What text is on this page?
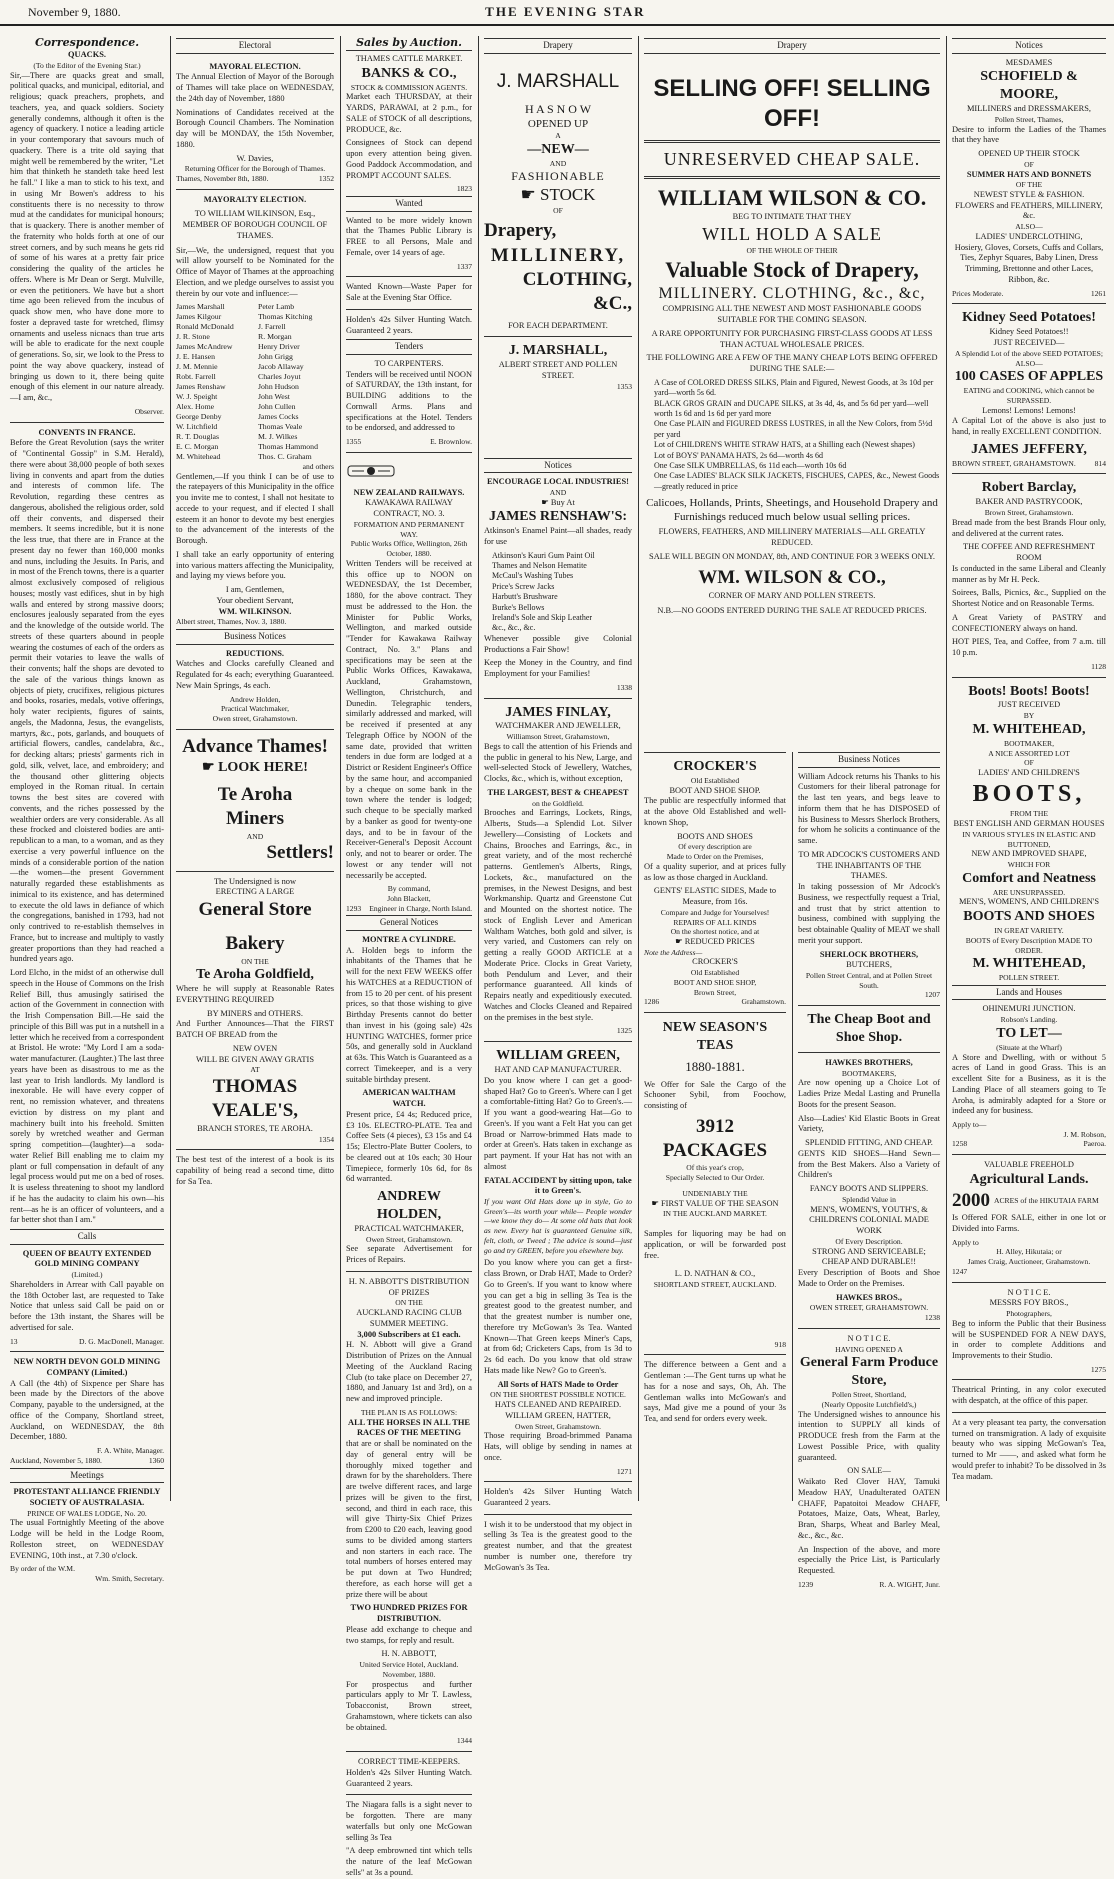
November 9, 1880.	THE EVENING STAR
Correspondence.
QUACKS.
(To the Editor of the Evening Star.)

Sir,—There are quacks great and small, political quacks, and municipal, editorial, and religious; quack preachers, prophets, and teachers, yea, and quack soldiers. Society generally condemns, although it often is the agency of quackery. I notice a leading article in your contemporary that savours much of quackery. There is a trite old saying that might well be remembered by the writer, "Let him that thinketh he standeth take heed lest he fall." I like a man to stick to his text, and in using Mr Bowen's address to his constituents there is no necessity to throw mud at the candidates for municipal honours; that is quackery. There is another member of the fraternity who holds forth at one of our street corners, and by such means he gets rid of some of his wares at a pretty fair price considering the quality of the articles he offers. Where is Mr Dean or Sergt. Mulville, or even the petitioners. We have but a short time ago been relieved from the incubus of quack show men, who have done more to foster a depraved taste for wretched, flimsy ornaments and useless nicnacs than true arts will be able to eradicate for the next couple of generations. So, sir, we look to the Press to point the way above quackery, instead of bringing us down to it, there being quite enough of this element in our nature already.—I am, &c.,

Observer.
CONVENTS IN FRANCE.

Before the Great Revolution (says the writer of "Continental Gossip" in S.M. Herald), there were about 38,000 people of both sexes living in convents and apart from the duties and interests of common life. The Revolution, regarding these centres as dangerous, abolished the religious order, sold off their convents, and dispersed their members. It seems incredible, but it is none the less true, that there are in France at the present day no fewer than 160,000 monks and nuns, including the Jesuits. In Paris, and in most of the French towns, there is a quarter almost exclusively composed of religious houses; mostly vast edifices, shut in by high walls and entered by strong massive doors; enclosures jealously separated from the eyes and the knowledge of the outside world. The streets of these quarters abound in people wearing the costumes of each of the orders as permit their votaries to leave the walls of their convents; half the shops are devoted to the sale of the various things known as objects of piety, crucifixes, religious pictures and books, rosaries, medals, votive offerings, holy water recipients, figures of saints, angels, the Madonna, Jesus, the evangelists, martyrs, &c., pots, garlands, and bouquets of artificial flowers, candles, candelabra, &c., for decking altars; priests' garments rich in gold, silk, velvet, lace, and embroidery; and the thousand other glittering objects employed in the Roman ritual. In certain towns the best sites are covered with convents, and the riches possessed by the wealthier orders are very considerable. As all these frocked and cloistered bodies are anti-republican to a man, to a woman, and as they exercise a very powerful influence on the minds of a considerable portion of the nation—the women—the present Government naturally regarded these establishments as inimical to its existence, and has determined to execute the old laws in defiance of which the congregations, banished in 1793, had not only contrived to re-establish themselves in France, but to increase and multiply to vastly greater proportions than they had reached a hundred years ago.

Lord Elcho, in the midst of an otherwise dull speech in the House of Commons on the Irish Relief Bill, thus amusingly satirised the action of the Government in connection with the Irish Compensation Bill.—He said the principle of this Bill was put in a nutshell in a letter which he received from a correspondent at Bristol. He wrote: "My Lord I am a soda-water manufacturer. (Laughter.) The last three years have been as disastrous to me as the last year to Irish landlords. My landlord is inexorable. He will have every copper of rent, no remission whatever, and threatens eviction by distress on my plant and machinery built into his freehold. Smitten sorely by wretched weather and German spring competition—(laughter)—a soda-water Relief Bill enabling me to claim my plant or full compensation in default of any legal process would put me on a bed of roses. It is useless threatening to shoot my landlord if he has the audacity to claim his own—his rent—as he is an officer of volunteers, and a far better shot than I am."

Calls
QUEEN OF BEAUTY EXTENDED GOLD MINING COMPANY
(Limited.)

Shareholders in Arrear with Call payable on the 18th October last, are requested to Take Notice that unless said Call be paid on or before the 13th instant, the Shares will be advertised for sale.

13	D. G. MacDonell, Manager.
NEW NORTH DEVON GOLD MINING COMPANY (Limited.)

A Call (the 4th) of Sixpence per Share has been made by the Directors of the above Company, payable to the undersigned, at the office of the Company, Shortland street, Auckland, on WEDNESDAY, the 8th December, 1880.

F. A. White, Manager.
Auckland, November 5, 1880.	1360
Meetings
PROTESTANT ALLIANCE FRIENDLY SOCIETY OF AUSTRALASIA.
PRINCE OF WALES LODGE, No. 20.

The usual Fortnightly Meeting of the above Lodge will be held in the Lodge Room, Rolleston street, on WEDNESDAY EVENING, 10th inst., at 7.30 o'clock.

By order of the W.M.
Wm. Smith, Secretary.
Electoral
MAYORAL ELECTION.

The Annual Election of Mayor of the Borough of Thames will take place on WEDNESDAY, the 24th day of November, 1880

Nominations of Candidates received at the Borough Council Chambers. The Nomination day will be MONDAY, the 15th November, 1880.

W. Davies,
Returning Officer for the Borough of Thames.
Thames, November 8th, 1880.	1352
MAYORALTY ELECTION.
TO WILLIAM WILKINSON, Esq., MEMBER OF BOROUGH COUNCIL OF THAMES.

Sir,—We, the undersigned, request that you will allow yourself to be Nominated for the Office of Mayor of Thames at the approaching Election, and we pledge ourselves to assist you therein by our vote and influence:—

James Marshall
James Kilgour
Ronald McDonald
J. R. Stone
James McAndrew
J. E. Hansen
J. M. Mennie
Robt. Farrell
James Renshaw
W. J. Speight
Alex. Home
George Denby
W. Litchfield
R. T. Douglas
E. C. Morgan
M. Whitehead
Peter Lamb
Thomas Kitching
J. Farrell
R. Morgan
Henry Driver
John Grigg
Jacob Allaway
Charles Joyut
John Hudson
John West
John Cullen
James Cocks
Thomas Veale
M. J. Wilkes
Thomas Hammond
Thos. C. Graham
and others

Gentlemen,—If you think I can be of use to the ratepayers of this Municipality in the office you invite me to contest, I shall not hesitate to accede to your request, and if elected I shall esteem it an honor to devote my best energies to the advancement of the interests of the Borough.

I shall take an early opportunity of entering into various matters affecting the Municipality, and laying my views before you.

I am, Gentlemen,
Your obedient Servant,
WM. WILKINSON.
Albert street, Thames, Nov. 3, 1880.
Business Notices
REDUCTIONS.

Watches and Clocks carefully Cleaned and Regulated for 4s each; everything Guaranteed. New Main Springs, 4s each.

Andrew Holden,
Practical Watchmaker,
Owen street, Grahamstown.
Advance Thames!
☛ LOOK HERE!
Te Aroha
Miners
AND
Settlers!
The Undersigned is now
ERECTING A LARGE
General Store

Bakery
ON THE
Te Aroha Goldfield,

Where he will supply at Reasonable Rates EVERYTHING REQUIRED

BY MINERS and OTHERS.

And Further Announces—That the FIRST BATCH OF BREAD from the

NEW OVEN
WILL BE GIVEN AWAY GRATIS
AT
THOMAS VEALE'S,
BRANCH STORES, TE AROHA.
1354

The best test of the interest of a book is its capability of being read a second time, ditto for Sa Tea.

Sales by Auction.
THAMES CATTLE MARKET.
BANKS & CO.,
STOCK & COMMISSION AGENTS.

Market each THURSDAY, at their YARDS, PARAWAI, at 2 p.m., for SALE of STOCK of all descriptions, PRODUCE, &c.

Consignees of Stock can depend upon every attention being given. Good Paddock Accommodation, and PROMPT ACCOUNT SALES.

1823
Wanted

Wanted to be more widely known that the Thames Public Library is FREE to all Persons, Male and Female, over 14 years of age.

1337

Wanted Known—Waste Paper for Sale at the Evening Star Office.

Holden's 42s Silver Hunting Watch. Guaranteed 2 years.

Tenders
TO CARPENTERS.

Tenders will be received until NOON of SATURDAY, the 13th instant, for BUILDING additions to the Cornwall Arms. Plans and specifications at the Hotel. Tenders to be endorsed, and addressed to

1355	E. Brownlow.
NEW ZEALAND RAILWAYS.
KAWAKAWA RAILWAY CONTRACT, NO. 3.
FORMATION AND PERMANENT WAY.
Public Works Office, Wellington, 26th October, 1880.

Written Tenders will be received at this office up to NOON on WEDNESDAY, the 1st December, 1880, for the above contract. They must be addressed to the Hon. the Minister for Public Works, Wellington, and marked outside "Tender for Kawakawa Railway Contract, No. 3." Plans and specifications may be seen at the Public Works Offices, Kawakawa, Auckland, Grahamstown, Wellington, Christchurch, and Dunedin. Telegraphic tenders, similarly addressed and marked, will be received if presented at any Telegraph Office by NOON of the same date, provided that written tenders in due form are lodged at a District or Resident Engineer's Office by the same hour, and accompanied by a cheque on some bank in the town where the tender is lodged; such cheque to be specially marked by a banker as good for twenty-one days, and to be in favour of the Receiver-General's Deposit Account only, and not to bearer or order. The lowest or any tender will not necessarily be accepted.

By command,
John Blackett,
1293 Engineer in Charge, North Island.
General Notices
MONTRE A CYLINDRE.

A. Holden begs to inform the inhabitants of the Thames that he will for the next FEW WEEKS offer his WATCHES at a REDUCTION of from 15 to 20 per cent. of his present prices, so that those wishing to give Birthday Presents cannot do better than invest in his (going sale) 42s HUNTING WATCHES, former price 50s, and generally sold in Auckland at 63s. This Watch is Guaranteed as a correct Timekeeper, and is a very suitable birthday present.

AMERICAN WALTHAM WATCH.

Present price, £4 4s; Reduced price, £3 10s. ELECTRO-PLATE. Tea and Coffee Sets (4 pieces), £3 15s and £4 15s; Electro-Plate Butter Coolers, to be cleared out at 10s each; 30 Hour Timepiece, formerly 10s 6d, for 8s 6d warranted.

ANDREW HOLDEN,
PRACTICAL WATCHMAKER,
Owen Street, Grahamstown.

See separate Advertisement for Prices of Repairs.

H. N. ABBOTT'S DISTRIBUTION OF PRIZES
ON THE
AUCKLAND RACING CLUB SUMMER MEETING.
3,000 Subscribers at £1 each.

H. N. Abbott will give a Grand Distribution of Prizes on the Annual Meeting of the Auckland Racing Club (to take place on December 27, 1880, and January 1st and 3rd), on a new and improved principle.

THE PLAN IS AS FOLLOWS:
ALL THE HORSES IN ALL THE RACES OF THE MEETING

that are or shall be nominated on the day of general entry will be thoroughly mixed together and drawn for by the shareholders. There are twelve different races, and large prizes will be given to the first, second, and third in each race, this will give Thirty-Six Chief Prizes from £200 to £20 each, leaving good sums to be divided among starters and non starters in each race. The total numbers of horses entered may be put down at Two Hundred; therefore, as each horse will get a prize there will be about

TWO HUNDRED PRIZES FOR DISTRIBUTION.

Please add exchange to cheque and two stamps, for reply and result.

H. N. ABBOTT,
United Service Hotel, Auckland. November, 1880.

For prospectus and further particulars apply to Mr T. Lawless, Tobacconist, Brown street, Grahamstown, where tickets can also be obtained.

1344
CORRECT TIME-KEEPERS.

Holden's 42s Silver Hunting Watch. Guaranteed 2 years.

The Niagara falls is a sight never to be forgotten. There are many waterfalls but only one McGowan selling 3s Tea

"A deep embrowned tint which tells the nature of the leaf McGowan sells" at 3s a pound.

Drapery
J. MARSHALL
H A S N O W
OPENED UP
A
—NEW—
AND
FASHIONABLE
☛ STOCK
OF
Drapery,
MILLINERY,
CLOTHING, &C.,
FOR EACH DEPARTMENT.
J. MARSHALL,
ALBERT STREET AND POLLEN STREET.
1353
Notices
ENCOURAGE LOCAL INDUSTRIES!
AND
☛ Buy At
JAMES RENSHAW'S:

Atkinson's Enamel Paint—all shades, ready for use

Atkinson's Kauri Gum Paint Oil
Thames and Nelson Hematite
McCaul's Washing Tubes
Price's Screw Jacks
Harbutt's Brushware
Burke's Bellows
Ireland's Sole and Skip Leather
&c., &c., &c.

Whenever possible give Colonial Productions a Fair Show!

Keep the Money in the Country, and find Employment for your Families!

1338
JAMES FINLAY,
WATCHMAKER AND JEWELLER,
Williamson Street, Grahamstown,

Begs to call the attention of his Friends and the public in general to his New, Large, and well-selected Stock of Jewellery, Watches, Clocks, &c., which is, without exception,

THE LARGEST, BEST & CHEAPEST
on the Goldfield.

Brooches and Earrings, Lockets, Rings, Alberts, Studs—a Splendid Lot. Silver Jewellery—Consisting of Lockets and Chains, Brooches and Earrings, &c., in great variety, and of the most recherché patterns. Gentlemen's Alberts, Rings, Lockets, &c., manufactured on the premises, in the Newest Designs, and best Workmanship. Quartz and Greenstone Cut and Mounted on the shortest notice. The stock of English Lever and American Waltham Watches, both gold and silver, is very varied, and Customers can rely on getting a really GOOD ARTICLE at a Moderate Price. Clocks in Great Variety, both Pendulum and Lever, and their performance guaranteed. All kinds of Repairs neatly and expeditiously executed. Watches and Clocks Cleaned and Repaired on the premises in the best style.

1325
WILLIAM GREEN,
HAT AND CAP MANUFACTURER.

Do you know where I can get a good-shaped Hat? Go to Green's. Where can I get a comfortable-fitting Hat? Go to Green's.—If you want a good-wearing Hat—Go to Green's. If you want a Felt Hat you can get Broad or Narrow-brimmed Hats made to order at Green's. Hats taken in exchange as part payment. If your Hat has not with an almost

FATAL ACCIDENT by sitting upon, take it to Green's.

If you want Old Hats done up in style, Go to Green's—its worth your while— People wonder—we know they do— At some old hats that look as new. Every hat is guaranteed Genuine silk, felt, cloth, or Tweed ; The advice is sound—just go and try GREEN, before you elsewhere buy.

Do you know where you can get a first-class Brown, or Drab HAT, Made to Order? Go to Green's. If you want to know where you can get a big in selling 3s Tea is the greatest good to the greatest number, and that the greatest number is number one, therefore try McGowan's 3s Tea. Wanted Known—That Green keeps Miner's Caps, at from 6d; Cricketers Caps, from 1s 3d to 2s 6d each. Do you know that old straw Hats made like New? Go to Green's.

All Sorts of HATS Made to Order
ON THE SHORTEST POSSIBLE NOTICE.
HATS CLEANED AND REPAIRED.
WILLIAM GREEN, HATTER,
Owen Street, Grahamstown.

Those requiring Broad-brimmed Panama Hats, will oblige by sending in names at once.

1271

Holden's 42s Silver Hunting Watch Guaranteed 2 years.

I wish it to be understood that my object in selling 3s Tea is the greatest good to the greatest number, and that the greatest number is number one, therefore try McGowan's 3s Tea.

Drapery
SELLING OFF! SELLING OFF!
UNRESERVED CHEAP SALE.
WILLIAM WILSON & CO.
BEG TO INTIMATE THAT THEY
WILL HOLD A SALE
OF THE WHOLE OF THEIR
Valuable Stock of Drapery,
MILLINERY. CLOTHING, &c., &c,
COMPRISING ALL THE NEWEST AND MOST FASHIONABLE GOODS SUITABLE FOR THE COMING SEASON.
A RARE OPPORTUNITY FOR PURCHASING FIRST-CLASS GOODS AT LESS THAN ACTUAL WHOLESALE PRICES.
THE FOLLOWING ARE A FEW OF THE MANY CHEAP LOTS BEING OFFERED DURING THE SALE:—
A Case of COLORED DRESS SILKS, Plain and Figured, Newest Goods, at 3s 10d per yard—worth 5s 6d.
BLACK GROS GRAIN and DUCAPE SILKS, at 3s 4d, 4s, and 5s 6d per yard—well worth 1s 6d and 1s 6d per yard more
One Case PLAIN and FIGURED DRESS LUSTRES, in all the New Colors, from 5½d per yard
Lot of CHILDREN'S WHITE STRAW HATS, at a Shilling each (Newest shapes)
Lot of BOYS' PANAMA HATS, 2s 6d—worth 4s 6d
One Case SILK UMBRELLAS, 6s 11d each—worth 10s 6d
One Case LADIES' BLACK SILK JACKETS, FISCHUES, CAPES, &c., Newest Goods—greatly reduced in price
Calicoes, Hollands, Prints, Sheetings, and Household Drapery and Furnishings reduced much below usual selling prices.
FLOWERS, FEATHERS, AND MILLINERY MATERIALS—ALL GREATLY REDUCED.
SALE WILL BEGIN ON MONDAY, 8th, AND CONTINUE FOR 3 WEEKS ONLY.
WM. WILSON & CO.,
CORNER OF MARY AND POLLEN STREETS.
N.B.—NO GOODS ENTERED DURING THE SALE AT REDUCED PRICES.
CROCKER'S
Old Established
BOOT AND SHOE SHOP.

The public are respectfully informed that at the above Old Established and well-known Shop,

BOOTS AND SHOES
Of every description are
Made to Order on the Premises,

Of a quality superior, and at prices fully as low as those charged in Auckland.

GENTS' ELASTIC SIDES, Made to Measure, from 16s.
Compare and Judge for Yourselves!
REPAIRS OF ALL KINDS
On the shortest notice, and at
☛ REDUCED PRICES
Note the Address—
CROCKER'S
Old Established
BOOT AND SHOE SHOP,
Brown Street,
1286	Grahamstown.
NEW SEASON'S TEAS
1880-1881.

We Offer for Sale the Cargo of the Schooner Sybil, from Foochow, consisting of

3912 PACKAGES
Of this year's crop,
Specially Selected to Our Order.
UNDENIABLY THE
☛ FIRST VALUE OF THE SEASON
IN THE AUCKLAND MARKET.

Samples for liquoring may be had on application, or will be forwarded post free.

L. D. NATHAN & CO.,
SHORTLAND STREET, AUCKLAND.
918

The difference between a Gent and a Gentleman :—The Gent turns up what he has for a nose and says, Oh, Ah. The Gentleman walks into McGowan's and says, Mad give me a pound of your 3s Tea, and send for orders every week.

Business Notices

William Adcock returns his Thanks to his Customers for their liberal patronage for the last ten years, and begs leave to inform them that he has DISPOSED of his Business to Messrs Sherlock Brothers, for whom he solicits a continuance of the same.

TO MR ADCOCK'S CUSTOMERS AND THE INHABITANTS OF THE THAMES.

In taking possession of Mr Adcock's Business, we respectfully request a Trial, and trust that by strict attention to business, combined with supplying the best obtainable Quality of MEAT we shall merit your support.

SHERLOCK BROTHERS,
BUTCHERS,
Pollen Street Central, and at Pollen Street South.
1207
The Cheap Boot and Shoe Shop.
HAWKES BROTHERS,
BOOTMAKERS,

Are now opening up a Choice Lot of Ladies Prize Medal Lasting and Prunella Boots for the present Season.

Also—Ladies' Kid Elastic Boots in Great Variety,

SPLENDID FITTING, AND CHEAP.

GENTS KID SHOES—Hand Sewn—from the Best Makers. Also a Variety of Children's

FANCY BOOTS AND SLIPPERS.
Splendid Value in
MEN'S, WOMEN'S, YOUTH'S, & CHILDREN'S COLONIAL MADE WORK
Of Every Description.
STRONG AND SERVICEABLE; CHEAP AND DURABLE!!

Every Description of Boots and Shoe Made to Order on the Premises.

HAWKES BROS.,
OWEN STREET, GRAHAMSTOWN.
1238
N O T I C E.
HAVING OPENED A
General Farm Produce Store,
Pollen Street, Shortland,
(Nearly Opposite Lutchfield's,)

The Undersigned wishes to announce his intention to SUPPLY all kinds of PRODUCE fresh from the Farm at the Lowest Possible Price, with quality guaranteed.

ON SALE—

Waikato Red Clover HAY, Tamuki Meadow HAY, Unadulterated OATEN CHAFF, Papatoitoi Meadow CHAFF, Potatoes, Maize, Oats, Wheat, Barley, Bran, Sharps, Wheat and Barley Meal, &c., &c., &c.

An Inspection of the above, and more especially the Price List, is Particularly Requested.

1239	R. A. WIGHT, Junr.
Notices
MESDAMES
SCHOFIELD & MOORE,
MILLINERS and DRESSMAKERS,
Pollen Street, Thames,

Desire to inform the Ladies of the Thames that they have

OPENED UP THEIR STOCK
OF
SUMMER HATS AND BONNETS
OF THE
NEWEST STYLE & FASHION.
FLOWERS and FEATHERS, MILLINERY, &c.
ALSO—
LADIES' UNDERCLOTHING,

Hosiery, Gloves, Corsets, Cuffs and Collars, Ties, Zephyr Squares, Baby Linen, Dress Trimming, Brettonne and other Laces, Ribbon, &c.

Prices Moderate.	1261
Kidney Seed Potatoes!
Kidney Seed Potatoes!!
JUST RECEIVED—
A Splendid Lot of the above SEED POTATOES;
ALSO—
100 CASES OF APPLES
EATING and COOKING, which cannot be SURPASSED.
Lemons! Lemons! Lemons!

A Capital Lot of the above is also just to hand, in really EXCELLENT CONDITION.

JAMES JEFFERY,
BROWN STREET, GRAHAMSTOWN. 814
Robert Barclay,
BAKER AND PASTRYCOOK,
Brown Street, Grahamstown.

Bread made from the best Brands Flour only, and delivered at the current rates.

THE COFFEE AND REFRESHMENT ROOM

Is conducted in the same Liberal and Cleanly manner as by Mr H. Peck.

Soirees, Balls, Picnics, &c., Supplied on the Shortest Notice and on Reasonable Terms.

A Great Variety of PASTRY and CONFECTIONERY always on hand.

HOT PIES, Tea, and Coffee, from 7 a.m. till 10 p.m.

1128
Boots! Boots! Boots!
JUST RECEIVED
BY
M. WHITEHEAD,
BOOTMAKER,
A NICE ASSORTED LOT
OF
LADIES' AND CHILDREN'S
BOOTS,
FROM THE
BEST ENGLISH AND GERMAN HOUSES
IN VARIOUS STYLES IN ELASTIC AND BUTTONED,
NEW AND IMPROVED SHAPE,
WHICH FOR
Comfort and Neatness
ARE UNSURPASSED.
MEN'S, WOMEN'S, AND CHILDREN'S
BOOTS AND SHOES
IN GREAT VARIETY.
BOOTS of Every Description MADE TO ORDER.
M. WHITEHEAD,
POLLEN STREET.
Lands and Houses
OHINEMURI JUNCTION.
Robson's Landing.
TO LET—
(Situate at the Wharf)

A Store and Dwelling, with or without 5 acres of Land in good Grass. This is an excellent Site for a Business, as it is the Landing Place of all steamers going to Te Aroha, is admirably adapted for a Store or indeed any for business.

Apply to—
J. M. Robson,
1258	Paeroa.
VALUABLE FREEHOLD
Agricultural Lands.
2000 ACRES of the HIKUTAIA FARM

Is Offered FOR SALE, either in one lot or Divided into Farms.

Apply to
H. Alley, Hikutaia; or
James Craig, Auctioneer, Grahamstown.
1247
N O T I C E.
MESSRS FOY BROS.,
Photographers,

Beg to inform the Public that their Business will be SUSPENDED FOR A NEW DAYS, in order to complete Additions and Improvements to their Studio.

1275

Theatrical Printing, in any color executed with despatch, at the office of this paper.

At a very pleasant tea party, the conversation turned on transmigration. A lady of exquisite beauty who was sipping McGowan's Tea, turned to Mr ——, and asked what form he would prefer to inhabit? To be dissolved in 3s Tea madam.
